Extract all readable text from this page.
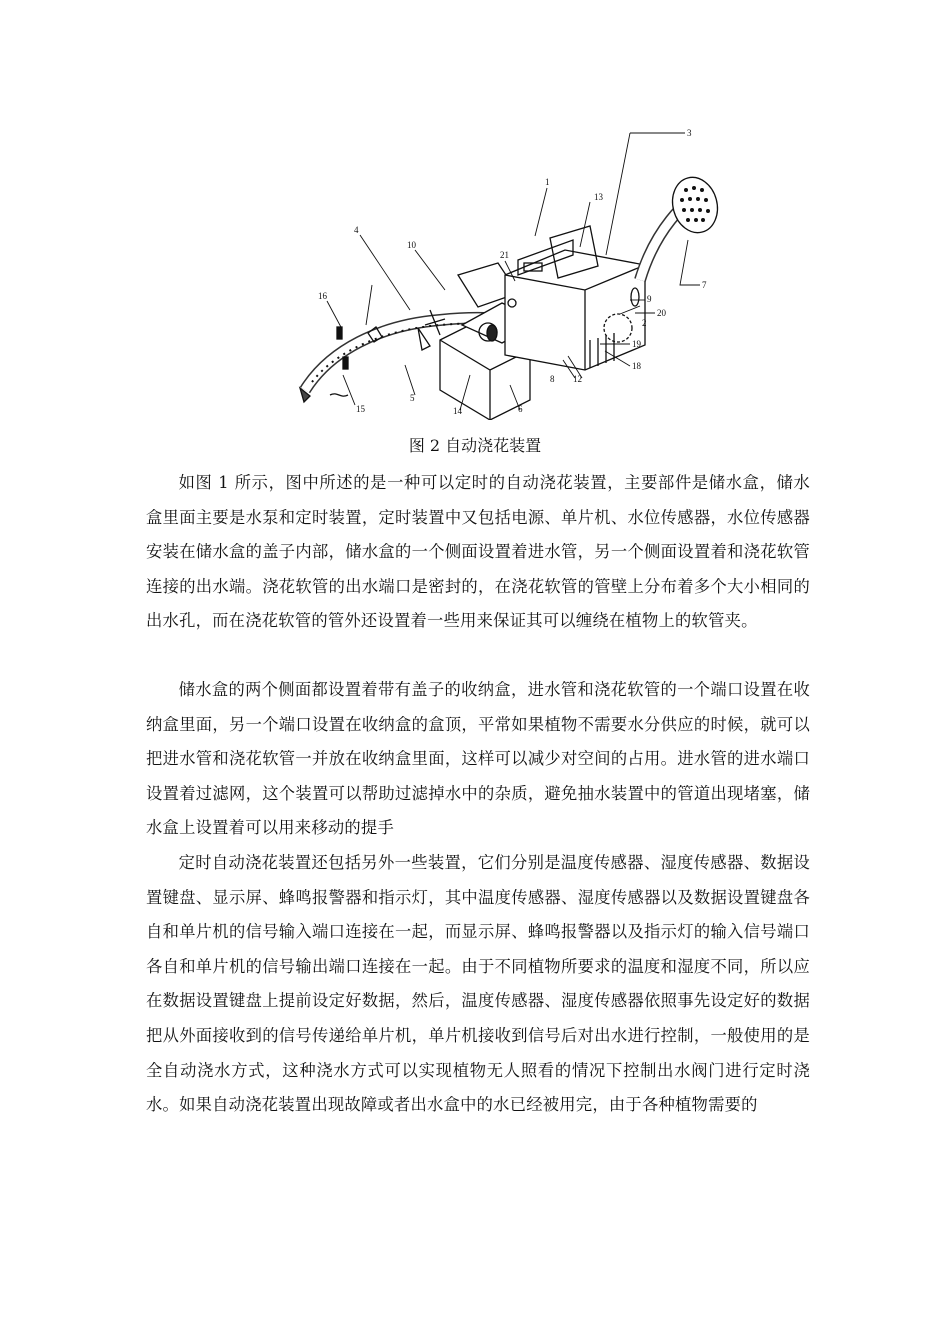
3
1
13
4
10
21
16
7
9
20
2
19
18
12
8
6
14
5
15
图 2 自动浇花装置

如图 1 所示，图中所述的是一种可以定时的自动浇花装置，主要部件是储水盒，储水盒里面主要是水泵和定时装置，定时装置中又包括电源、单片机、水位传感器，水位传感器安装在储水盒的盖子内部，储水盒的一个侧面设置着进水管，另一个侧面设置着和浇花软管连接的出水端。浇花软管的出水端口是密封的，在浇花软管的管壁上分布着多个大小相同的出水孔，而在浇花软管的管外还设置着一些用来保证其可以缠绕在植物上的软管夹。

储水盒的两个侧面都设置着带有盖子的收纳盒，进水管和浇花软管的一个端口设置在收纳盒里面，另一个端口设置在收纳盒的盒顶，平常如果植物不需要水分供应的时候，就可以把进水管和浇花软管一并放在收纳盒里面，这样可以减少对空间的占用。进水管的进水端口设置着过滤网，这个装置可以帮助过滤掉水中的杂质，避免抽水装置中的管道出现堵塞，储水盒上设置着可以用来移动的提手

定时自动浇花装置还包括另外一些装置，它们分别是温度传感器、湿度传感器、数据设置键盘、显示屏、蜂鸣报警器和指示灯，其中温度传感器、湿度传感器以及数据设置键盘各自和单片机的信号输入端口连接在一起，而显示屏、蜂鸣报警器以及指示灯的输入信号端口各自和单片机的信号输出端口连接在一起。由于不同植物所要求的温度和湿度不同，所以应在数据设置键盘上提前设定好数据，然后，温度传感器、湿度传感器依照事先设定好的数据把从外面接收到的信号传递给单片机，单片机接收到信号后对出水进行控制，一般使用的是全自动浇水方式，这种浇水方式可以实现植物无人照看的情况下控制出水阀门进行定时浇水。如果自动浇花装置出现故障或者出水盒中的水已经被用完，由于各种植物需要的
